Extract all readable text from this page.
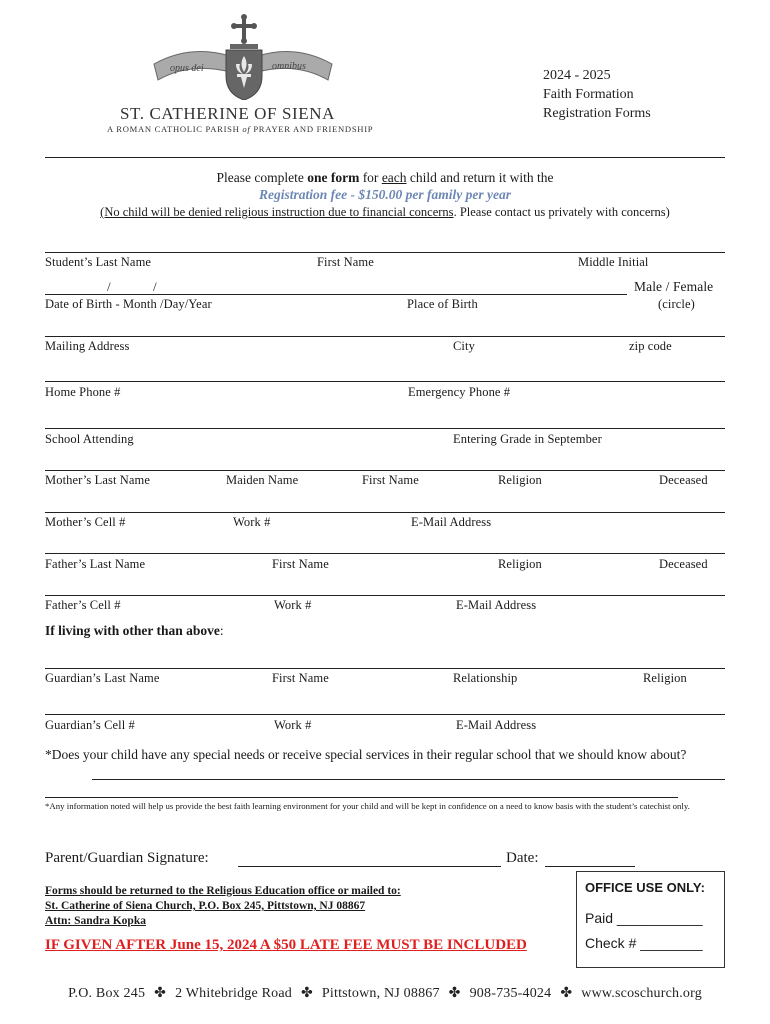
opus dei	omnibus
ST. CATHERINE OF SIENA
A ROMAN CATHOLIC PARISH of PRAYER AND FRIENDSHIP
2024 - 2025
Faith Formation
Registration Forms
Please complete one form for each child and return it with the
Registration fee - $150.00 per family per year
(No child will be denied religious instruction due to financial concerns. Please contact us privately with concerns)
Student’s Last Name	First Name	Middle Initial
/	/	Male / Female
Date of Birth - Month /Day/Year	Place of Birth	(circle)
Mailing Address	City	zip code
Home Phone #	Emergency Phone #
School Attending	Entering Grade in September
Mother’s Last Name	Maiden Name	First Name	Religion	Deceased
Mother’s Cell #	Work #	E-Mail Address
Father’s Last Name	First Name	Religion	Deceased
Father’s Cell #	Work #	E-Mail Address
If living with other than above:
Guardian’s Last Name	First Name	Relationship	Religion
Guardian’s Cell #	Work #	E-Mail Address
*Does your child have any special needs or receive special services in their regular school that we should know about?
*Any information noted will help us provide the best faith learning environment for your child and will be kept in confidence on a need to know basis with the student’s catechist only.
Parent/Guardian Signature:	Date:
Forms should be returned to the Religious Education office or mailed to:
St. Catherine of Siena Church, P.O. Box 245, Pittstown, NJ 08867
Attn: Sandra Kopka
IF GIVEN AFTER June 15, 2024 A $50 LATE FEE MUST BE INCLUDED
OFFICE USE ONLY:
Paid ___________
Check # ________
P.O. Box 245 ✤ 2 Whitebridge Road ✤ Pittstown, NJ 08867 ✤ 908-735-4024 ✤ www.scoschurch.org
